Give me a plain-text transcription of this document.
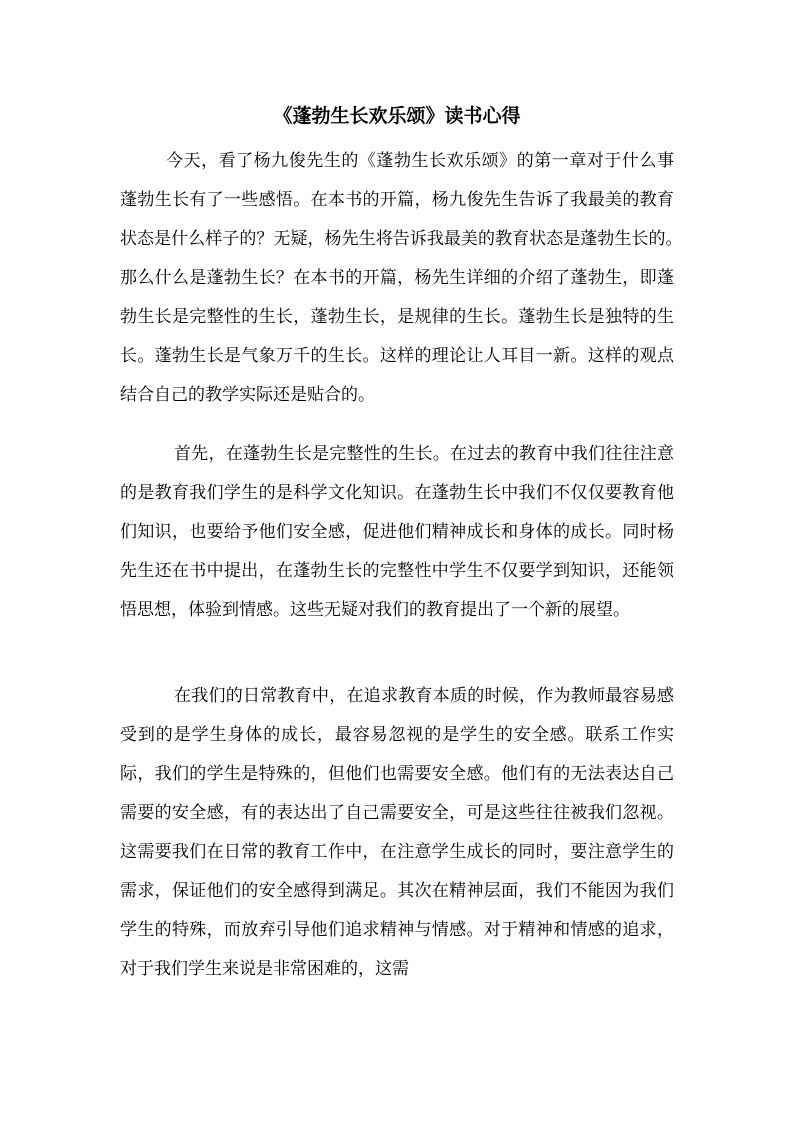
《蓬勃生长欢乐颂》读书心得

今天，看了杨九俊先生的《蓬勃生长欢乐颂》的第一章对于什么事蓬勃生长有了一些感悟。在本书的开篇，杨九俊先生告诉了我最美的教育状态是什么样子的？无疑，杨先生将告诉我最美的教育状态是蓬勃生长的。　　那么什么是蓬勃生长？在本书的开篇，杨先生详细的介绍了蓬勃生，即蓬勃生长是完整性的生长，蓬勃生长，是规律的生长。蓬勃生长是独特的生长。蓬勃生长是气象万千的生长。这样的理论让人耳目一新。这样的观点结合自己的教学实际还是贴合的。

首先，在蓬勃生长是完整性的生长。在过去的教育中我们往往注意的是教育我们学生的是科学文化知识。在蓬勃生长中我们不仅仅要教育他们知识，也要给予他们安全感，促进他们精神成长和身体的成长。同时杨先生还在书中提出，在蓬勃生长的完整性中学生不仅要学到知识，还能领悟思想，体验到情感。这些无疑对我们的教育提出了一个新的展望。

在我们的日常教育中，在追求教育本质的时候，作为教师最容易感受到的是学生身体的成长，最容易忽视的是学生的安全感。联系工作实际，我们的学生是特殊的，但他们也需要安全感。他们有的无法表达自己需要的安全感，有的表达出了自己需要安全，可是这些往往被我们忽视。这需要我们在日常的教育工作中，在注意学生成长的同时，要注意学生的需求，保证他们的安全感得到满足。其次在精神层面，我们不能因为我们学生的特殊，而放弃引导他们追求精神与情感。对于精神和情感的追求，对于我们学生来说是非常困难的，这需
